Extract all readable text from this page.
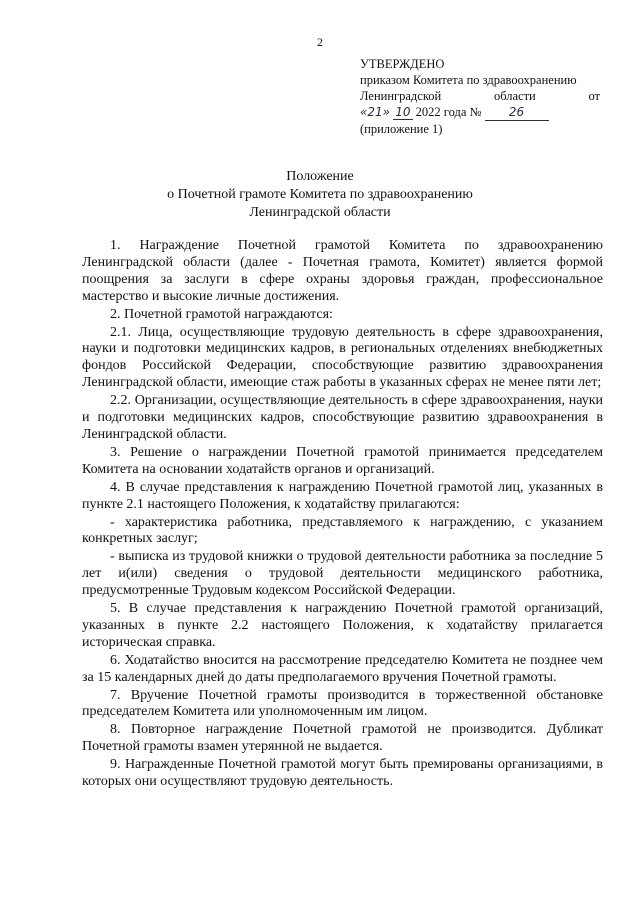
2
УТВЕРЖДЕНО
приказом Комитета по здравоохранению
Ленинградской	области	от
«21» 10 2022 года № 26
(приложение 1)
Положение
о Почетной грамоте Комитета по здравоохранению
Ленинградской области

1. Награждение Почетной грамотой Комитета по здравоохранению Ленинградской области (далее - Почетная грамота, Комитет) является формой поощрения за заслуги в сфере охраны здоровья граждан, профессиональное мастерство и высокие личные достижения.

2. Почетной грамотой награждаются:

2.1. Лица, осуществляющие трудовую деятельность в сфере здравоохранения, науки и подготовки медицинских кадров, в региональных отделениях внебюджетных фондов Российской Федерации, способствующие развитию здравоохранения Ленинградской области, имеющие стаж работы в указанных сферах не менее пяти лет;

2.2. Организации, осуществляющие деятельность в сфере здравоохранения, науки и подготовки медицинских кадров, способствующие развитию здравоохранения в Ленинградской области.

3. Решение о награждении Почетной грамотой принимается председателем Комитета на основании ходатайств органов и организаций.

4. В случае представления к награждению Почетной грамотой лиц, указанных в пункте 2.1 настоящего Положения, к ходатайству прилагаются:

- характеристика работника, представляемого к награждению, с указанием конкретных заслуг;

- выписка из трудовой книжки о трудовой деятельности работника за последние 5 лет и(или) сведения о трудовой деятельности медицинского работника, предусмотренные Трудовым кодексом Российской Федерации.

5. В случае представления к награждению Почетной грамотой организаций, указанных в пункте 2.2 настоящего Положения, к ходатайству прилагается историческая справка.

6. Ходатайство вносится на рассмотрение председателю Комитета не позднее чем за 15 календарных дней до даты предполагаемого вручения Почетной грамоты.

7. Вручение Почетной грамоты производится в торжественной обстановке председателем Комитета или уполномоченным им лицом.

8. Повторное награждение Почетной грамотой не производится. Дубликат Почетной грамоты взамен утерянной не выдается.

9. Награжденные Почетной грамотой могут быть премированы организациями, в которых они осуществляют трудовую деятельность.
